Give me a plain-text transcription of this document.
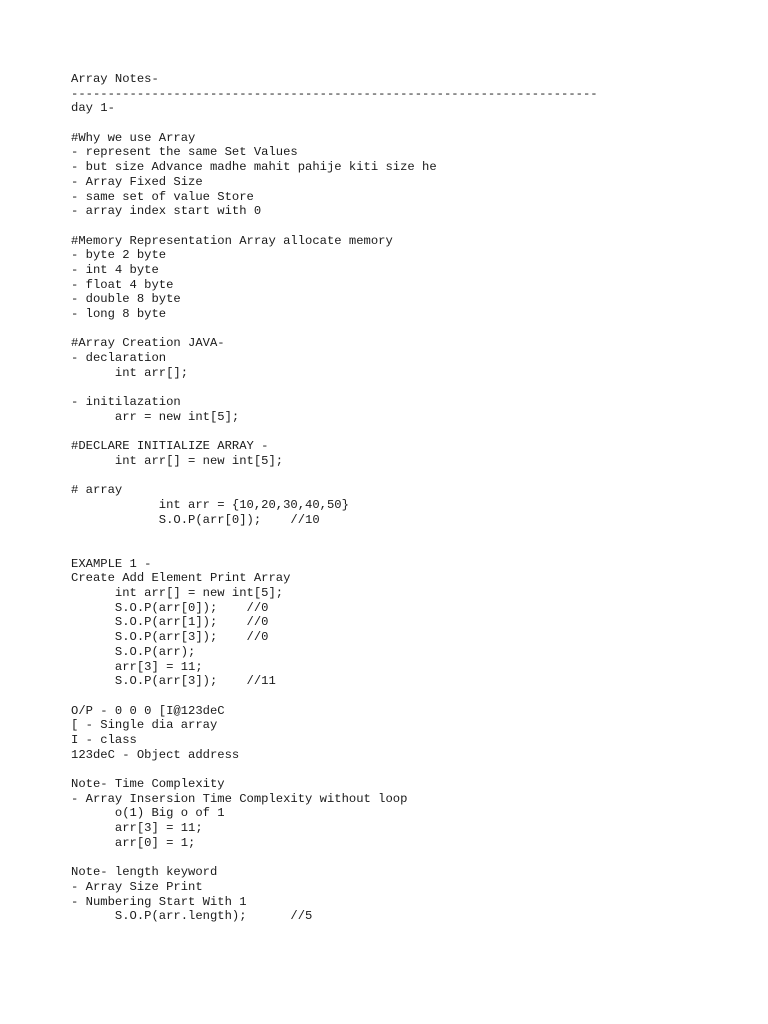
Array Notes-
------------------------------------------------------------------------
day 1-
#Why we use Array
- represent the same Set Values
- but size Advance madhe mahit pahije kiti size he
- Array Fixed Size
- same set of value Store
- array index start with 0
#Memory Representation Array allocate memory
- byte 2 byte
- int 4 byte
- float 4 byte
- double 8 byte
- long 8 byte
#Array Creation JAVA-
- declaration
int arr[];
- initilazation
arr = new int[5];
#DECLARE INITIALIZE ARRAY -
int arr[] = new int[5];
# array
int arr = {10,20,30,40,50}
S.O.P(arr[0]);    //10
EXAMPLE 1 -
Create Add Element Print Array
int arr[] = new int[5];
S.O.P(arr[0]);    //0
S.O.P(arr[1]);    //0
S.O.P(arr[3]);    //0
S.O.P(arr);
arr[3] = 11;
S.O.P(arr[3]);    //11
O/P - 0 0 0 [I@123deC
[ - Single dia array
I - class
123deC - Object address
Note- Time Complexity
- Array Insersion Time Complexity without loop
o(1) Big o of 1
arr[3] = 11;
arr[0] = 1;
Note- length keyword
- Array Size Print
- Numbering Start With 1
S.O.P(arr.length);      //5
